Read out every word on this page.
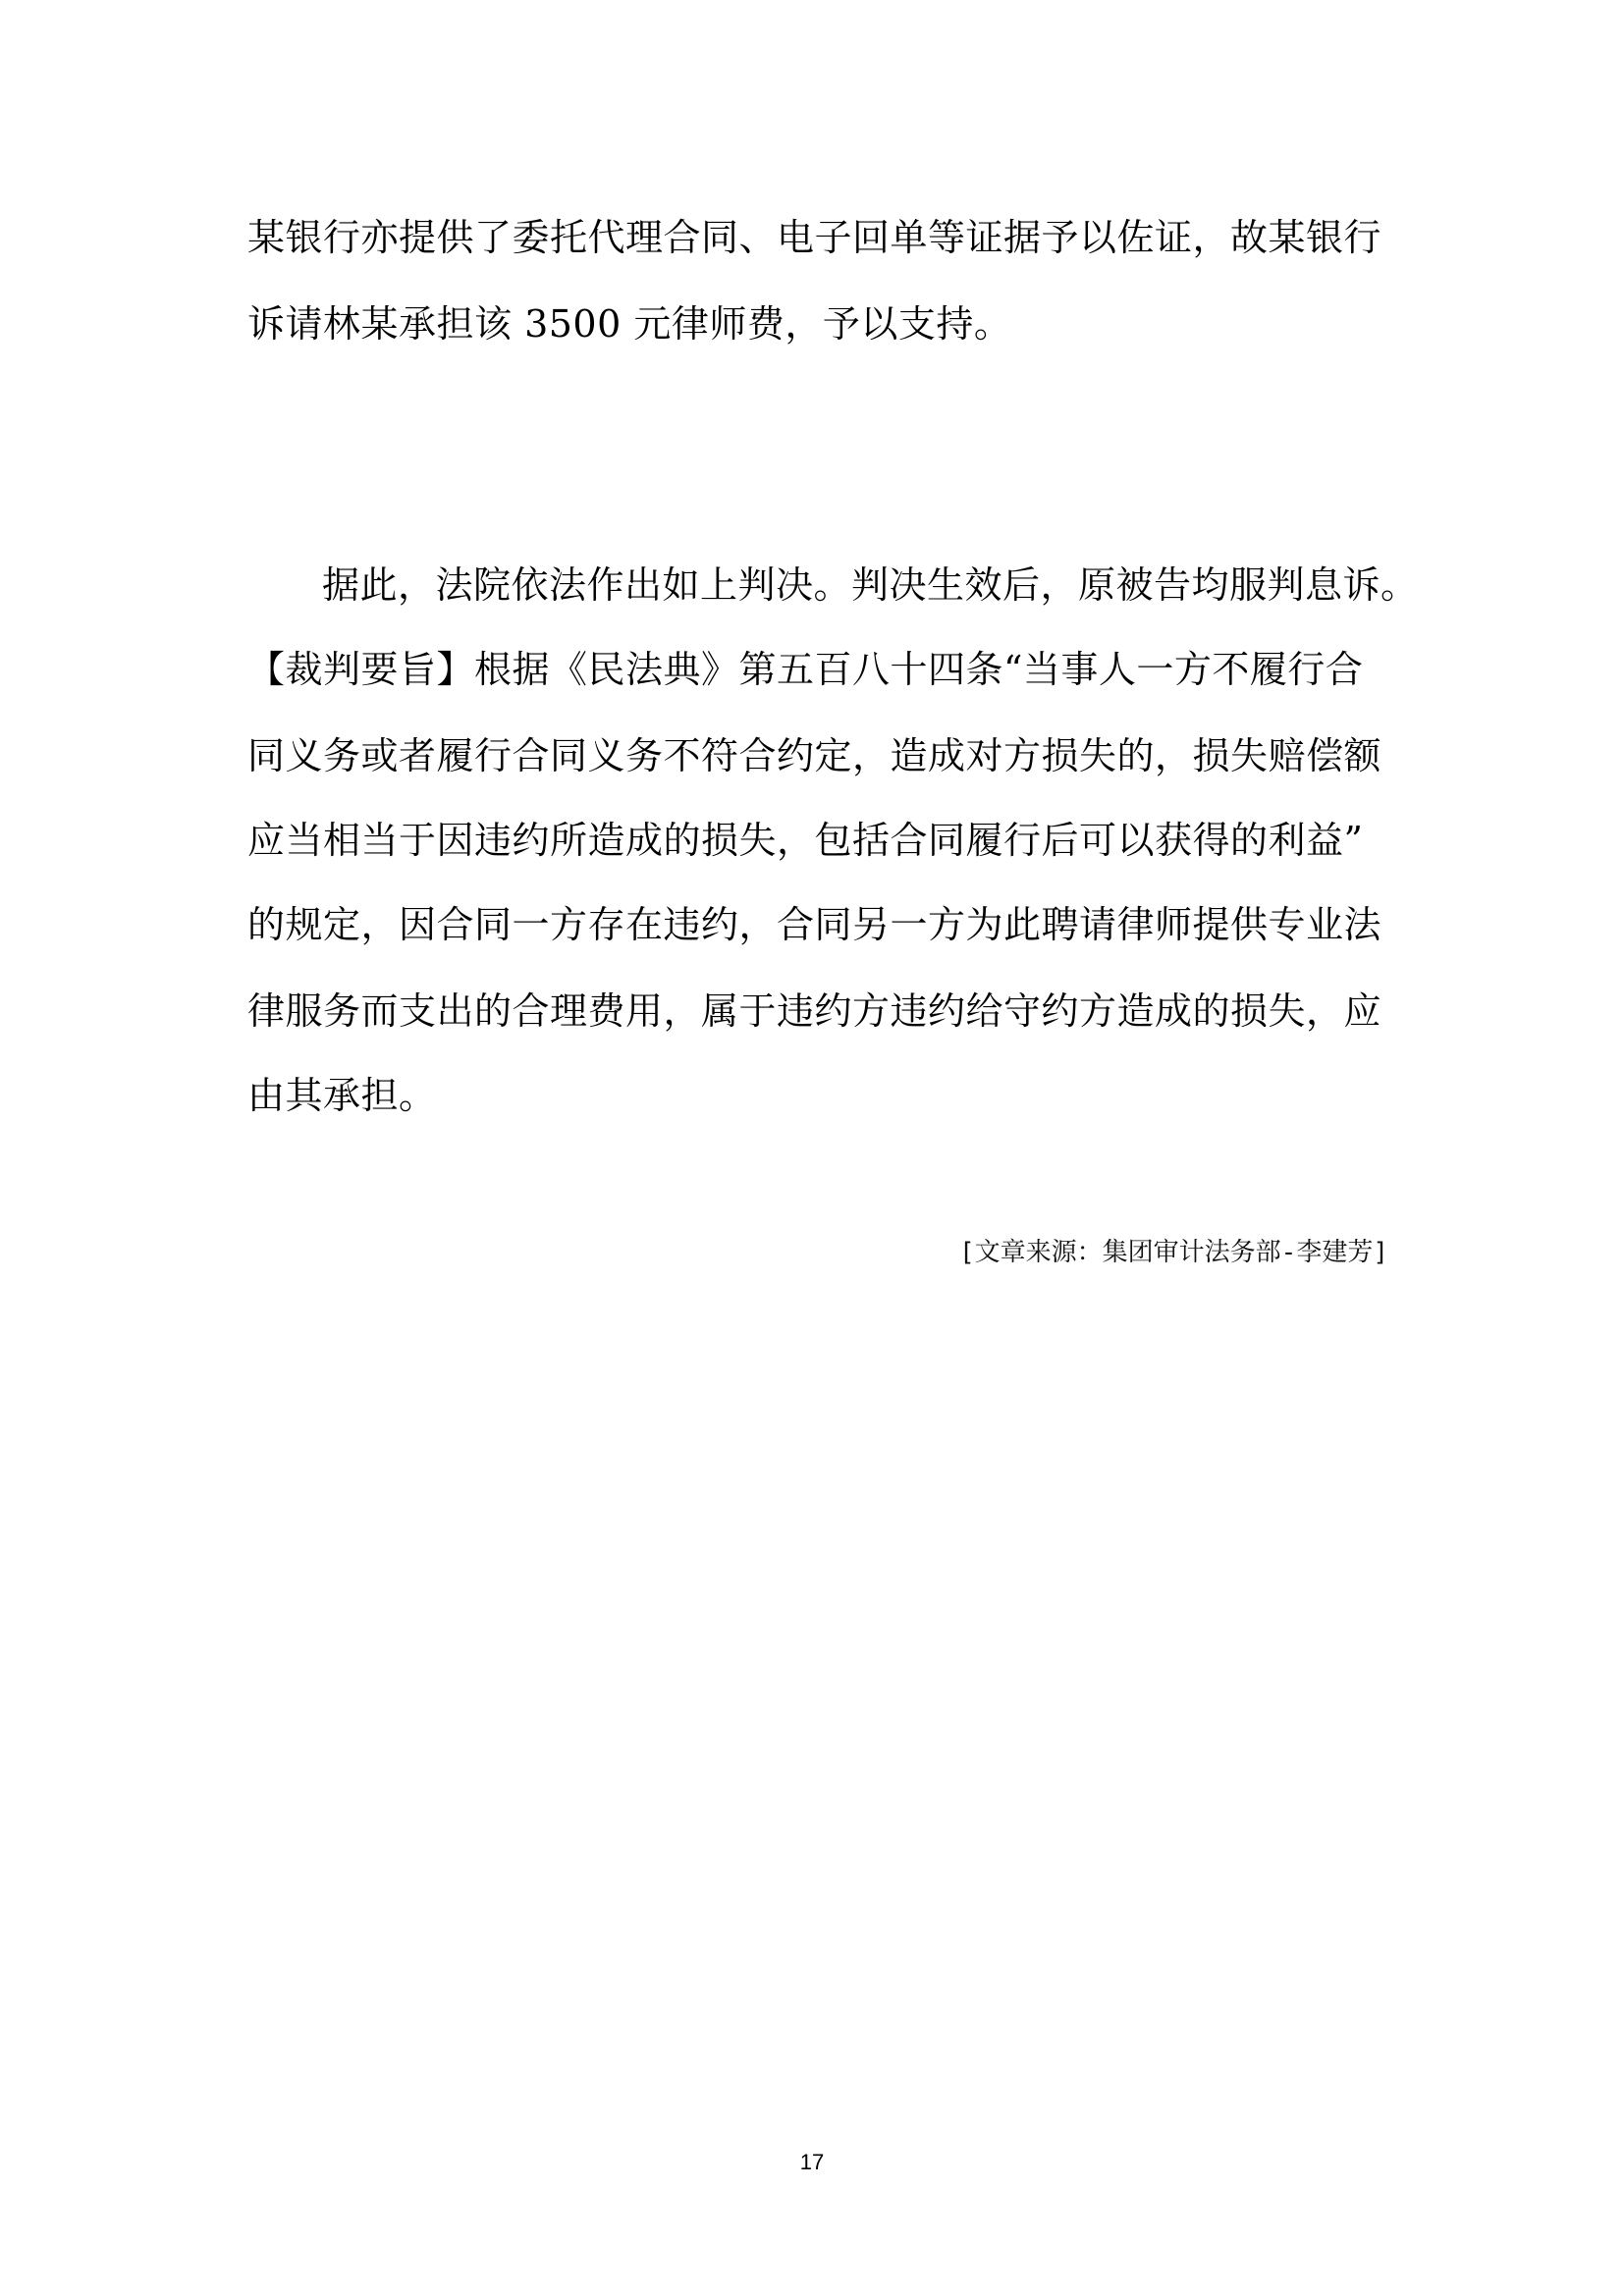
某银行亦提供了委托代理合同、电子回单等证据予以佐证，故某银行
诉请林某承担该 3500 元律师费，予以支持。
据此，法院依法作出如上判决。判决生效后，原被告均服判息诉。
【裁判要旨】根据《民法典》第五百八十四条“当事人一方不履行合
同义务或者履行合同义务不符合约定，造成对方损失的，损失赔偿额
应当相当于因违约所造成的损失，包括合同履行后可以获得的利益”
的规定，因合同一方存在违约，合同另一方为此聘请律师提供专业法
律服务而支出的合理费用，属于违约方违约给守约方造成的损失，应
由其承担。
[文章来源：集团审计法务部-李建芳]
17
